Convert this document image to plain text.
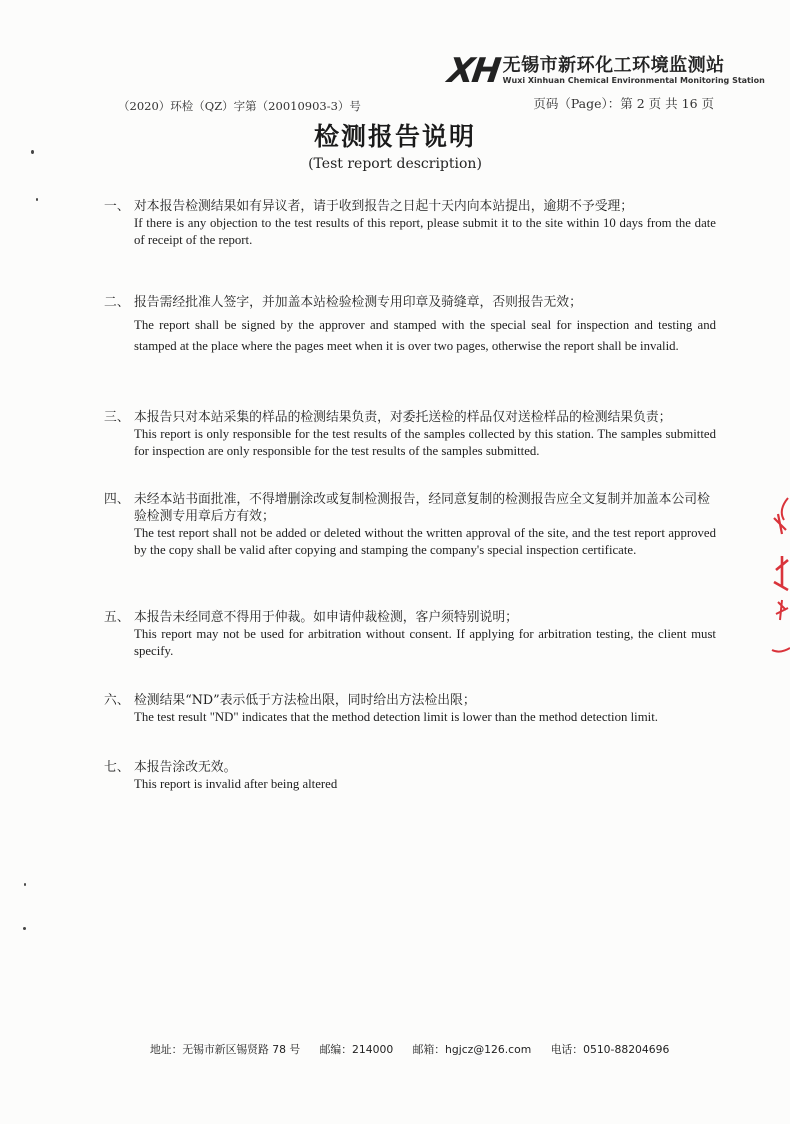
XH 无锡市新环化工环境监测站
Wuxi Xinhuan Chemical Environmental Monitoring Station
（2020）环检（QZ）字第（20010903-3）号	页码（Page）：第 2 页 共 16 页
检测报告说明
(Test report description)
一、 对本报告检测结果如有异议者，请于收到报告之日起十天内向本站提出，逾期不予受理；
If there is any objection to the test results of this report, please submit it to the site within 10 days from the date of receipt of the report.
二、 报告需经批准人签字，并加盖本站检验检测专用印章及骑缝章，否则报告无效；
The report shall be signed by the approver and stamped with the special seal for inspection and testing and stamped at the place where the pages meet when it is over two pages, otherwise the report shall be invalid.
三、 本报告只对本站采集的样品的检测结果负责，对委托送检的样品仅对送检样品的检测结果负责；
This report is only responsible for the test results of the samples collected by this station. The samples submitted for inspection are only responsible for the test results of the samples submitted.
四、 未经本站书面批准，不得增删涂改或复制检测报告，经同意复制的检测报告应全文复制并加盖本公司检验检测专用章后方有效；
The test report shall not be added or deleted without the written approval of the site, and the test report approved by the copy shall be valid after copying and stamping the company's special inspection certificate.
五、 本报告未经同意不得用于仲裁。如申请仲裁检测，客户须特别说明；
This report may not be used for arbitration without consent. If applying for arbitration testing, the client must specify.
六、 检测结果“ND”表示低于方法检出限，同时给出方法检出限；
The test result "ND" indicates that the method detection limit is lower than the method detection limit.
七、 本报告涂改无效。
This report is invalid after being altered
地址：无锡市新区锡贤路 78 号 邮编：214000 邮箱：hgjcz@126.com 电话：0510-88204696
